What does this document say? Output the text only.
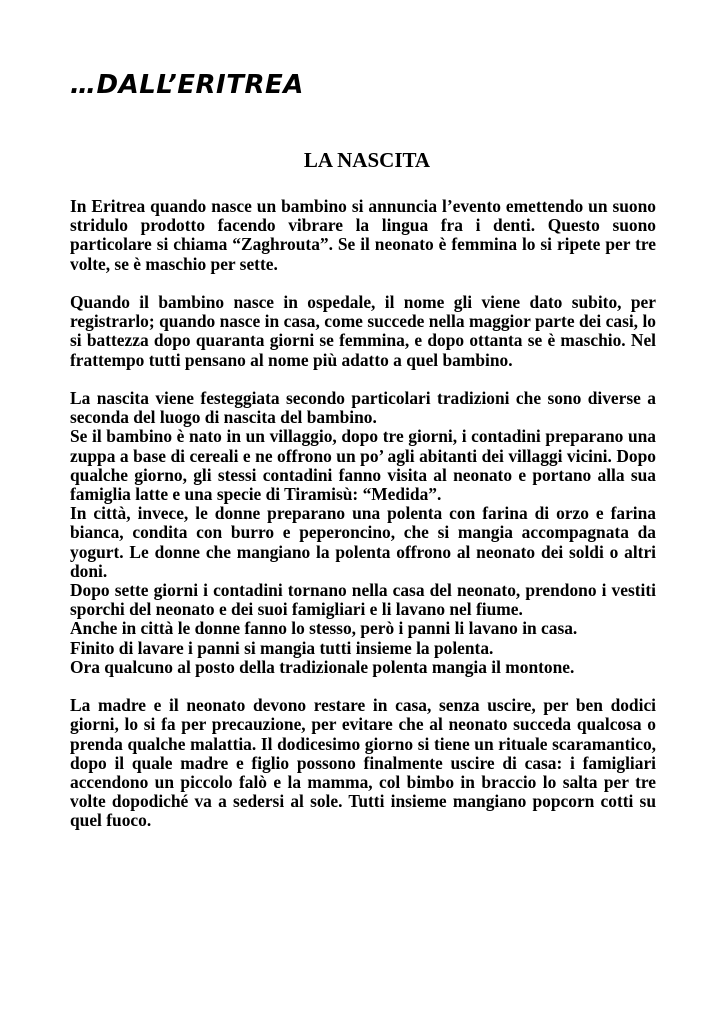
…DALL’ERITREA
LA NASCITA

In Eritrea quando nasce un bambino si annuncia l’evento emettendo un suono stridulo prodotto facendo vibrare la lingua fra i denti. Questo suono particolare si chiama “Zaghrouta”. Se il neonato è femmina lo si ripete per tre volte, se è maschio per sette.

Quando il bambino nasce in ospedale, il nome gli viene dato subito, per registrarlo; quando nasce in casa, come succede nella maggior parte dei casi, lo si battezza dopo quaranta giorni se femmina, e dopo ottanta se è maschio. Nel frattempo tutti pensano al nome più adatto a quel bambino.

La nascita viene festeggiata secondo particolari tradizioni che sono diverse a seconda del luogo di nascita del bambino.

Se il bambino è nato in un villaggio, dopo tre giorni, i contadini preparano una zuppa a base di cereali e ne offrono un po’ agli abitanti dei villaggi vicini. Dopo qualche giorno, gli stessi contadini fanno visita al neonato e portano alla sua famiglia latte e una specie di Tiramisù: “Medida”.

In città, invece, le donne preparano una polenta con farina di orzo e farina bianca, condita con burro e peperoncino, che si mangia accompagnata da yogurt. Le donne che mangiano la polenta offrono al neonato dei soldi o altri doni.

Dopo sette giorni i contadini tornano nella casa del neonato, prendono i vestiti sporchi del neonato e dei suoi famigliari e li lavano nel fiume.

Anche in città le donne fanno lo stesso, però i panni li lavano in casa.

Finito di lavare i panni si mangia tutti insieme la polenta.

Ora qualcuno al posto della tradizionale polenta mangia il montone.

La madre e il neonato devono restare in casa, senza uscire, per ben dodici giorni, lo si fa per precauzione, per evitare che al neonato succeda qualcosa o prenda qualche malattia. Il dodicesimo giorno si tiene un rituale scaramantico, dopo il quale madre e figlio possono finalmente uscire di casa: i famigliari accendono un piccolo falò e la mamma, col bimbo in braccio lo salta per tre volte dopodiché va a sedersi al sole. Tutti insieme mangiano popcorn cotti su quel fuoco.
